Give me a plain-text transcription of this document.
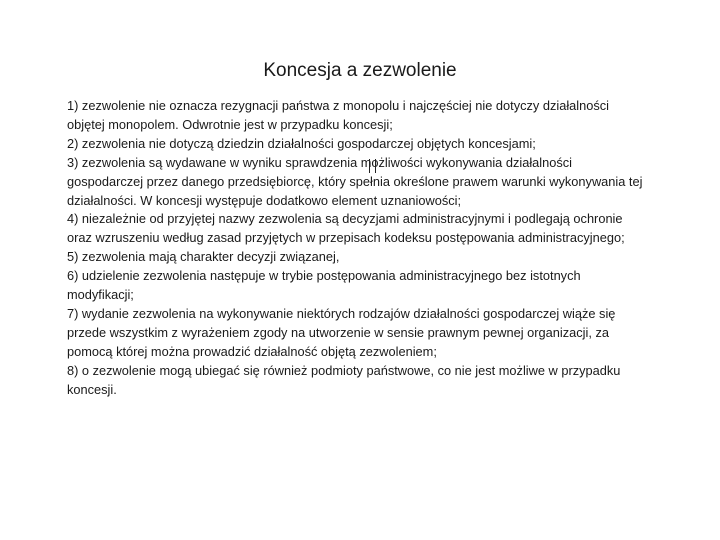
Koncesja a zezwolenie

1) zezwolenie nie oznacza rezygnacji państwa z monopolu i najczęściej nie dotyczy działalności objętej monopolem. Odwrotnie jest w przypadku koncesji;

2) zezwolenia nie dotyczą dziedzin działalności gospodarczej objętych koncesjami;

3) zezwolenia są wydawane w wyniku sprawdzenia możliwości wykonywania działalności gospodarczej przez danego przedsiębiorcę, który spełnia określone prawem warunki wykonywania tej działalności. W koncesji występuje dodatkowo element uznaniowości;

4) niezależnie od przyjętej nazwy zezwolenia są decyzjami administracyjnymi i podlegają ochronie oraz wzruszeniu według zasad przyjętych w przepisach kodeksu postępowania administracyjnego;

5) zezwolenia mają charakter decyzji związanej,

6) udzielenie zezwolenia następuje w trybie postępowania administracyjnego bez istotnych modyfikacji;

7) wydanie zezwolenia na wykonywanie niektórych rodzajów działalności gospodarczej wiąże się przede wszystkim z wyrażeniem zgody na utworzenie w sensie prawnym pewnej organizacji, za pomocą której można prowadzić działalność objętą zezwoleniem;

8) o zezwolenie mogą ubiegać się również podmioty państwowe, co nie jest możliwe w przypadku koncesji.
